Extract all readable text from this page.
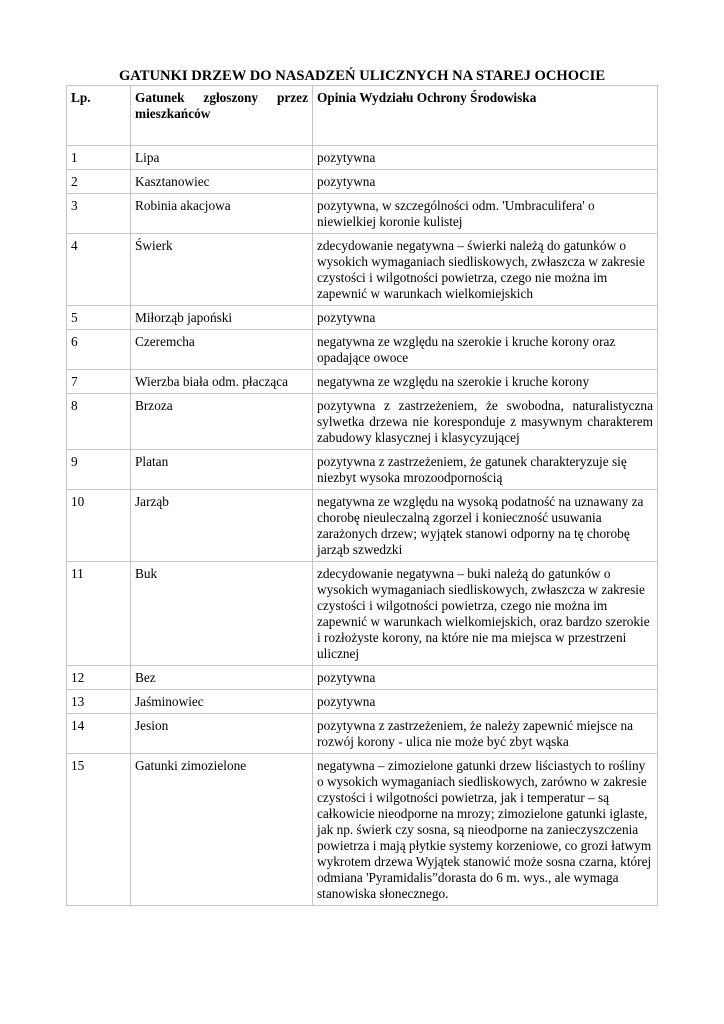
GATUNKI DRZEW DO NASADZEŃ ULICZNYCH NA STAREJ OCHOCIE
Lp.	Gatunek zgłoszony przez mieszkańców	Opinia Wydziału Ochrony Środowiska
1	Lipa	pozytywna
2	Kasztanowiec	pozytywna
3	Robinia akacjowa	pozytywna, w szczególności odm. 'Umbraculifera' o niewielkiej koronie kulistej
4	Świerk	zdecydowanie negatywna – świerki należą do gatunków o wysokich wymaganiach siedliskowych, zwłaszcza w zakresie czystości i wilgotności powietrza, czego nie można im zapewnić w warunkach wielkomiejskich
5	Miłorząb japoński	pozytywna
6	Czeremcha	negatywna ze względu na szerokie i kruche korony oraz opadające owoce
7	Wierzba biała odm. płacząca	negatywna ze względu na szerokie i kruche korony
8	Brzoza	pozytywna z zastrzeżeniem, że swobodna, naturalistyczna sylwetka drzewa nie koresponduje z masywnym charakterem zabudowy klasycznej i klasycyzującej
9	Platan	pozytywna z zastrzeżeniem, że gatunek charakteryzuje się niezbyt wysoka mrozoodpornością
10	Jarząb	negatywna ze względu na wysoką podatność na uznawany za chorobę nieuleczalną zgorzel i konieczność usuwania zarażonych drzew; wyjątek stanowi odporny na tę chorobę jarząb szwedzki
11	Buk	zdecydowanie negatywna – buki należą do gatunków o wysokich wymaganiach siedliskowych, zwłaszcza w zakresie czystości i wilgotności powietrza, czego nie można im zapewnić w warunkach wielkomiejskich, oraz bardzo szerokie i rozłożyste korony, na które nie ma miejsca w przestrzeni ulicznej
12	Bez	pozytywna
13	Jaśminowiec	pozytywna
14	Jesion	pozytywna z zastrzeżeniem, że należy zapewnić miejsce na rozwój korony - ulica nie może być zbyt wąska
15	Gatunki zimozielone	negatywna – zimozielone gatunki drzew liściastych to rośliny o wysokich wymaganiach siedliskowych, zarówno w zakresie czystości i wilgotności powietrza, jak i temperatur – są całkowicie nieodporne na mrozy; zimozielone gatunki iglaste, jak np. świerk czy sosna, są nieodporne na zanieczyszczenia powietrza i mają płytkie systemy korzeniowe, co grozi łatwym wykrotem drzewa Wyjątek stanowić może sosna czarna, której odmiana 'Pyramidalis”dorasta do 6 m. wys., ale wymaga stanowiska słonecznego.
